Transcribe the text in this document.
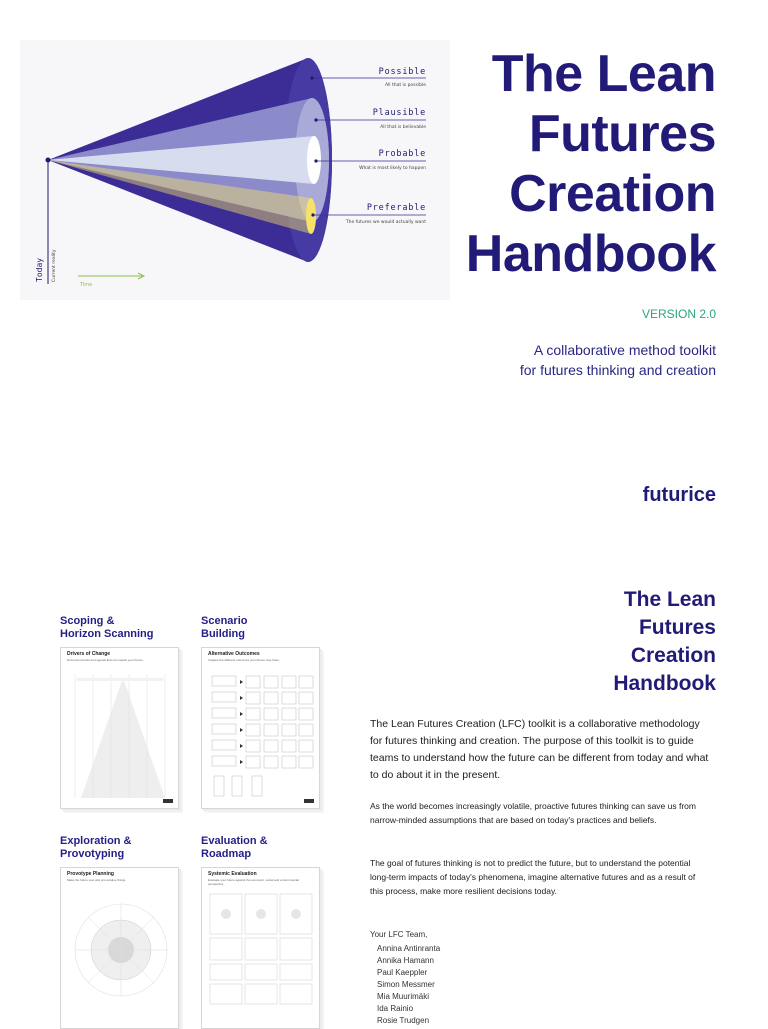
Possible
All that is possible
Plausible
All that is believable
Probable
What is most likely to happen
Preferable
The futures we would actually want
Today Current reality
Time
The Lean
Futures
Creation
Handbook

VERSION 2.0

A collaborative method toolkit
for futures thinking and creation

futurice

Scoping &
Horizon Scanning

Drivers of Change
Document trends and signals that can impact your theme.

Scenario
Building

Alternative Outcomes
Imagine the different outcomes your theme may have.

Exploration &
Provotyping

Provotype Planning
Make the future real. Ask provocative things.

Evaluation &
Roadmap

Systemic Evaluation
Evaluate your future against the economic, social and environmental perspective.
The Lean
Futures
Creation
Handbook

The Lean Futures Creation (LFC) toolkit is a collaborative methodology for futures thinking and creation. The purpose of this toolkit is to guide teams to understand how the future can be different from today and what to do about it in the present.

As the world becomes increasingly volatile, proactive futures thinking can save us from narrow-minded assumptions that are based on today's practices and beliefs.

The goal of futures thinking is not to predict the future, but to understand the potential long-term impacts of today's phenomena, imagine alternative futures and as a result of this process, make more resilient decisions today.

Your LFC Team,

Annina Antinranta
Annika Hamann
Paul Kaeppler
Simon Messmer
Mia Muurimäki
Ida Rainio
Rosie Trudgen
